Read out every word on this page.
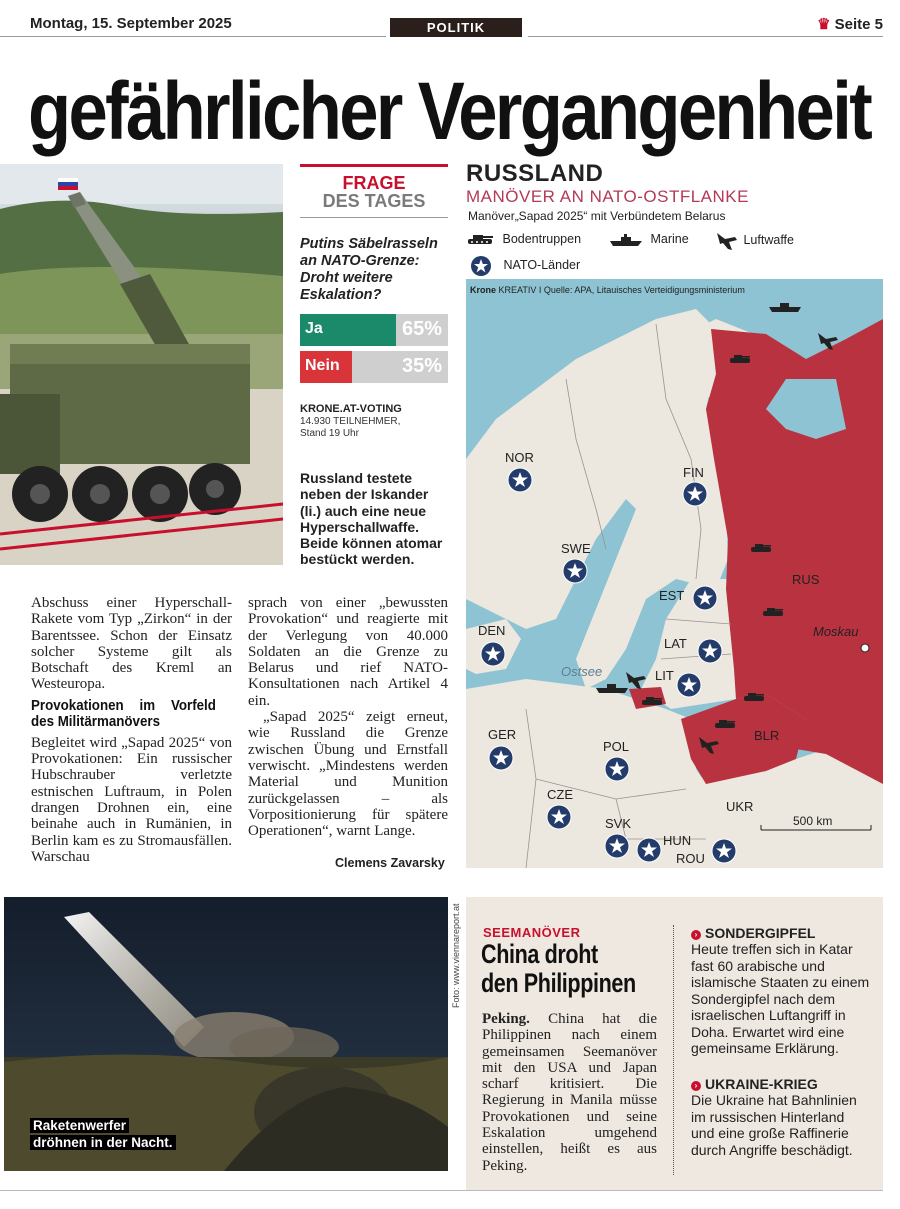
Montag, 15. September 2025	POLITIK	♛ Seite 5
gefährlicher Vergangenheit
FRAGE
DES TAGES
Putins Säbelrasseln an NATO-Grenze: Droht weitere Eskalation?
Ja	65%
Nein	35%
KRONE.AT-VOTING
14.930 TEILNEHMER,
Stand 19 Uhr
Russland testete neben der Iskander (li.) auch eine neue Hyperschallwaffe. Beide können atomar bestückt werden.
RUSSLAND
MANÖVER AN NATO-OSTFLANKE
Manöver„Sapad 2025“ mit Verbündetem Belarus
Bodentruppen	Marine	Luftwaffe
NATO-Länder
500 km
Moskau
Ostsee
NOR
FIN
SWE
EST
LAT
LIT
DEN
GER
POL
CZE
SVK
HUN
ROU
UKR
RUS
BLR
Krone KREATIV I Quelle: APA, Litauisches Verteidigungsministerium
Abschuss einer Hyperschall-Rakete vom Typ „Zirkon“ in der Barentssee. Schon der Einsatz solcher Systeme gilt als Botschaft des Kreml an Westeuropa.
Provokationen im Vorfeld des Militärmanövers
Begleitet wird „Sapad 2025“ von Provokationen: Ein russischer Hubschrauber verletzte estnischen Luftraum, in Polen drangen Drohnen ein, eine beinahe auch in Rumänien, in Berlin kam es zu Stromausfällen. Warschau
sprach von einer „bewussten Provokation“ und reagierte mit der Verlegung von 40.000 Soldaten an die Grenze zu Belarus und rief NATO-Konsultationen nach Artikel 4 ein.
„Sapad 2025“ zeigt erneut, wie Russland die Grenze zwischen Übung und Ernstfall verwischt. „Mindestens werden Material und Munition zurückgelassen – als Vorpositionierung für spätere Operationen“, warnt Lange.
Clemens Zavarsky
Raketenwerfer
dröhnen in der Nacht.
Foto: www.viennareport.at SEEMANÖVER
China droht
den Philippinen
Peking. China hat die Philippinen nach einem gemeinsamen Seemanöver mit den USA und Japan scharf kritisiert. Die Regierung in Manila müsse Provokationen und seine Eskalation umgehend einstellen, heißt es aus Peking.
› SONDERGIPFEL
Heute treffen sich in Katar fast 60 arabische und islamische Staaten zu einem Sondergipfel nach dem israelischen Luftangriff in Doha. Erwartet wird eine gemeinsame Erklärung.
› UKRAINE-KRIEG
Die Ukraine hat Bahnlinien im russischen Hinterland und eine große Raffinerie durch Angriffe beschädigt.
